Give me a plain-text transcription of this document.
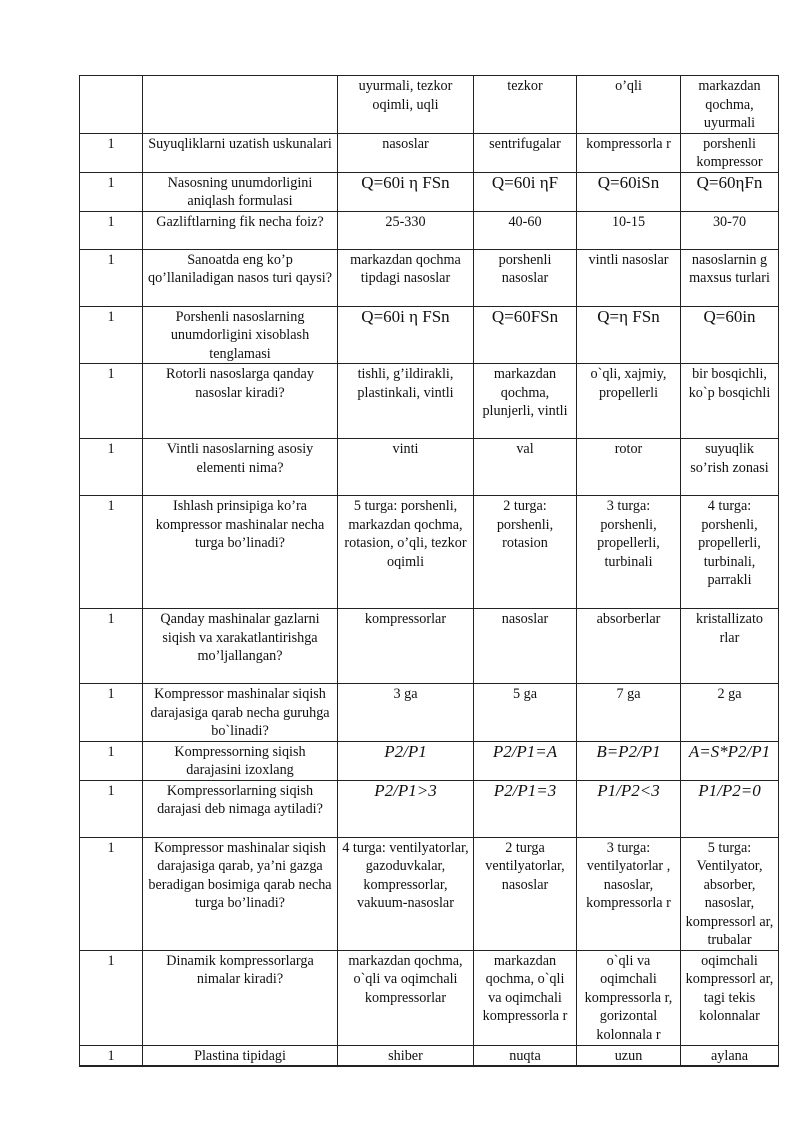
		uyurmali, tezkor oqimli, uqli	tezkor	o’qli	markazdan qochma, uyurmali
1	Suyuqliklarni uzatish uskunalari	nasoslar	sentrifugalar	kompressorla r	porshenli kompressor
1	Nasosning unumdorligini aniqlash formulasi	Q=60i η FSn	Q=60i ηF	Q=60iSn	Q=60ηFn
1	Gazliftlarning fik necha foiz?	25-330	40-60	10-15	30-70
1	Sanoatda eng ko’p qo’llaniladigan nasos turi qaysi?	markazdan qochma tipdagi nasoslar	porshenli nasoslar	vintli nasoslar	nasoslarnin g maxsus turlari
1	Porshenli nasoslarning unumdorligini xisoblash tenglamasi	Q=60i η FSn	Q=60FSn	Q=η FSn	Q=60in
1	Rotorli nasoslarga qanday nasoslar kiradi?	tishli, g’ildirakli, plastinkali, vintli	markazdan qochma, plunjerli, vintli	o`qli, xajmiy, propellerli	bir bosqichli, ko`p bosqichli
1	Vintli nasoslarning asosiy elementi nima?	vinti	val	rotor	suyuqlik so’rish zonasi
1	Ishlash prinsipiga ko’ra kompressor mashinalar necha turga bo’linadi?	5 turga: porshenli, markazdan qochma, rotasion, o’qli, tezkor oqimli	2 turga: porshenli, rotasion	3 turga: porshenli, propellerli, turbinali	4 turga: porshenli, propellerli, turbinali, parrakli
1	Qanday mashinalar gazlarni siqish va xarakatlantirishga mo’ljallangan?	kompressorlar	nasoslar	absorberlar	kristallizato rlar
1	Kompressor mashinalar siqish darajasiga qarab necha guruhga bo`linadi?	3 ga	5 ga	7 ga	2 ga
1	Kompressorning siqish darajasini izoxlang	P2/P1	P2/P1=A	B=P2/P1	A=S*P2/P1
1	Kompressorlarning siqish darajasi deb nimaga aytiladi?	P2/P1>3	P2/P1=3	P1/P2<3	P1/P2=0
1	Kompressor mashinalar siqish darajasiga qarab, ya’ni gazga beradigan bosimiga qarab necha turga bo’linadi?	4 turga: ventilyatorlar, gazoduvkalar, kompressorlar, vakuum-nasoslar	2 turga ventilyatorlar, nasoslar	3 turga: ventilyatorlar , nasoslar, kompressorla r	5 turga: Ventilyator, absorber, nasoslar, kompressorl ar, trubalar
1	Dinamik kompressorlarga nimalar kiradi?	markazdan qochma, o`qli va oqimchali kompressorlar	markazdan qochma, o`qli va oqimchali kompressorla r	o`qli va oqimchali kompressorla r, gorizontal kolonnala r	oqimchali kompressorl ar, tagi tekis kolonnalar
1	Plastina tipidagi	shiber	nuqta	uzun	aylana
